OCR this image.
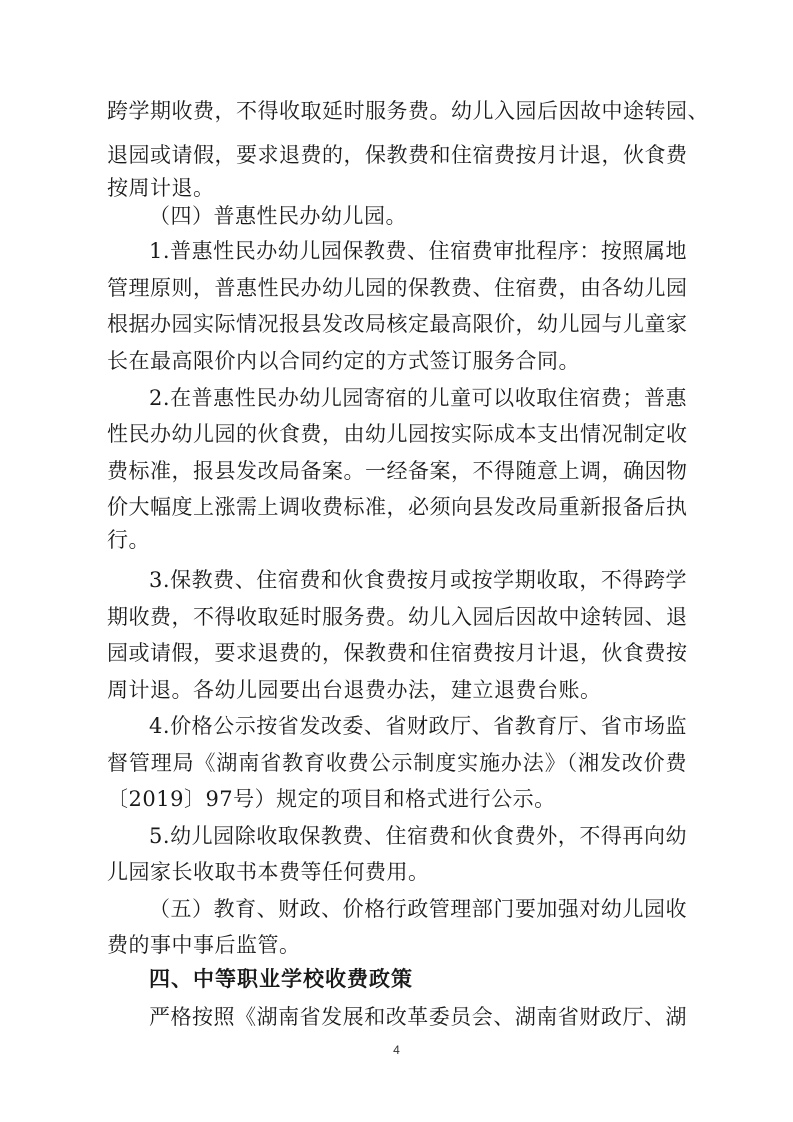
跨学期收费，不得收取延时服务费。幼儿入园后因故中途转园、
退园或请假，要求退费的，保教费和住宿费按月计退，伙食费
按周计退。
（四）普惠性民办幼儿园。
1.普惠性民办幼儿园保教费、住宿费审批程序：按照属地
管理原则，普惠性民办幼儿园的保教费、住宿费，由各幼儿园
根据办园实际情况报县发改局核定最高限价，幼儿园与儿童家
长在最高限价内以合同约定的方式签订服务合同。
2.在普惠性民办幼儿园寄宿的儿童可以收取住宿费；普惠
性民办幼儿园的伙食费，由幼儿园按实际成本支出情况制定收
费标准，报县发改局备案。一经备案，不得随意上调，确因物
价大幅度上涨需上调收费标准，必须向县发改局重新报备后执
行。
3.保教费、住宿费和伙食费按月或按学期收取，不得跨学
期收费，不得收取延时服务费。幼儿入园后因故中途转园、退
园或请假，要求退费的，保教费和住宿费按月计退，伙食费按
周计退。各幼儿园要出台退费办法，建立退费台账。
4.价格公示按省发改委、省财政厅、省教育厅、省市场监
督管理局《湖南省教育收费公示制度实施办法》（湘发改价费
〔2019〕97号）规定的项目和格式进行公示。
5.幼儿园除收取保教费、住宿费和伙食费外，不得再向幼
儿园家长收取书本费等任何费用。
（五）教育、财政、价格行政管理部门要加强对幼儿园收
费的事中事后监管。
四、中等职业学校收费政策
严格按照《湖南省发展和改革委员会、湖南省财政厅、湖
4
